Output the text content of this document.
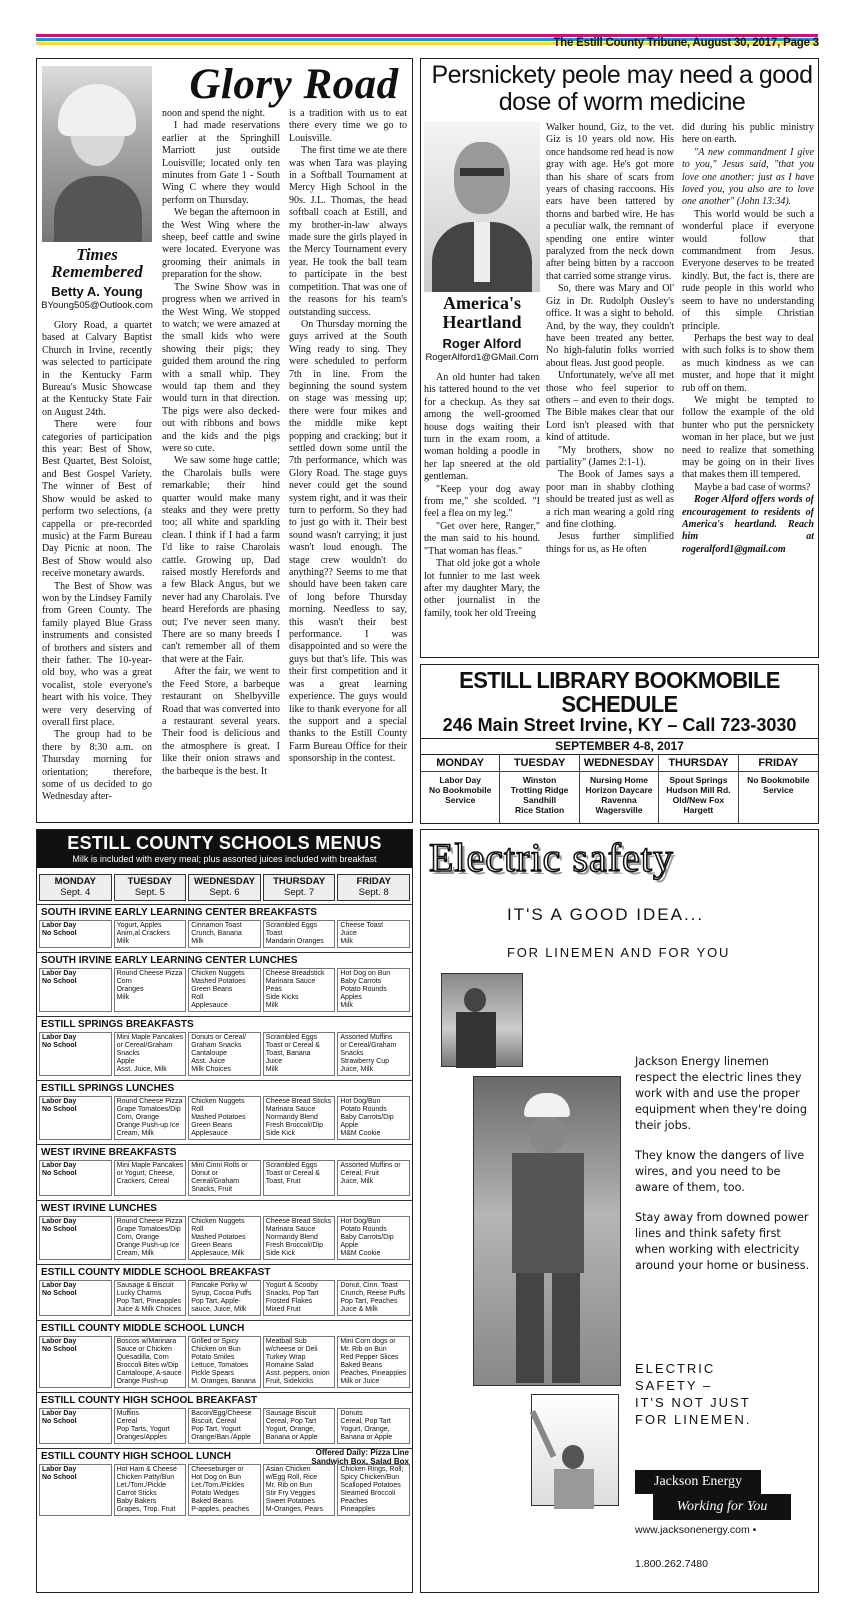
The Estill County Tribune, August 30, 2017, Page 3
Glory Road
Times Remembered
Betty A. Young
BYoung505@Outlook.com

Glory Road, a quartet based at Calvary Baptist Church in Irvine, recently was selected to participate in the Kentucky Farm Bureau's Music Showcase at the Kentucky State Fair on August 24th.

There were four categories of participation this year: Best of Show, Best Quartet, Best Soloist, and Best Gospel Variety. The winner of Best of Show would be asked to perform two selections, (a cappella or pre-recorded music) at the Farm Bureau Day Picnic at noon. The Best of Show would also receive monetary awards.

The Best of Show was won by the Lindsey Family from Green County. The family played Blue Grass instruments and consisted of brothers and sisters and their father. The 10-year-old boy, who was a great vocalist, stole everyone's heart with his voice. They were very deserving of overall first place.

The group had to be there by 8:30 a.m. on Thursday morning for orientation; therefore, some of us decided to go Wednesday after-

noon and spend the night.

I had made reservations earlier at the Springhill Marriott just outside Louisville; located only ten minutes from Gate 1 - South Wing C where they would perform on Thursday.

We began the afternoon in the West Wing where the sheep, beef cattle and swine were located. Everyone was grooming their animals in preparation for the show.

The Swine Show was in progress when we arrived in the West Wing. We stopped to watch; we were amazed at the small kids who were showing their pigs; they guided them around the ring with a small whip. They would tap them and they would turn in that direction. The pigs were also decked-out with ribbons and bows and the kids and the pigs were so cute.

We saw some huge cattle; the Charolais bulls were remarkable; their hind quarter would make many steaks and they were pretty too; all white and sparkling clean. I think if I had a farm I'd like to raise Charolais cattle. Growing up, Dad raised mostly Herefords and a few Black Angus, but we never had any Charolais. I've heard Herefords are phasing out; I've never seen many. There are so many breeds I can't remember all of them that were at the Fair.

After the fair, we went to the Feed Store, a barbeque restaurant on Shelbyville Road that was converted into a restaurant several years. Their food is delicious and the atmosphere is great. I like their onion straws and the barbeque is the best. It

is a tradition with us to eat there every time we go to Louisville.

The first time we ate there was when Tara was playing in a Softball Tournament at Mercy High School in the 90s. J.L. Thomas, the head softball coach at Estill, and my brother-in-law always made sure the girls played in the Mercy Tournament every year. He took the ball team to participate in the best competition. That was one of the reasons for his team's outstanding success.

On Thursday morning the guys arrived at the South Wing ready to sing. They were scheduled to perform 7th in line. From the beginning the sound system on stage was messing up; there were four mikes and the middle mike kept popping and cracking; but it settled down some until the 7th performance, which was Glory Road. The stage guys never could get the sound system right, and it was their turn to perform. So they had to just go with it. Their best sound wasn't carrying; it just wasn't loud enough. The stage crew wouldn't do anything?? Seems to me that should have been taken care of long before Thursday morning. Needless to say, this wasn't their best performance. I was disappointed and so were the guys but that's life. This was their first competition and it was a great learning experience. The guys would like to thank everyone for all the support and a special thanks to the Estill County Farm Bureau Office for their sponsorship in the contest.

Persnickety peole may need a good dose of worm medicine
America's Heartland
Roger Alford
RogerAlford1@GMail.Com

An old hunter had taken his tattered hound to the vet for a checkup. As they sat among the well-groomed house dogs waiting their turn in the exam room, a woman holding a poodle in her lap sneered at the old gentleman.

"Keep your dog away from me," she scolded. "I feel a flea on my leg."

"Get over here, Ranger," the man said to his hound. "That woman has fleas."

That old joke got a whole lot funnier to me last week after my daughter Mary, the other journalist in the family, took her old Treeing

Walker hound, Giz, to the vet. Giz is 10 years old now. His once handsome red head is now gray with age. He's got more than his share of scars from years of chasing raccoons. His ears have been tattered by thorns and barbed wire. He has a peculiar walk, the remnant of spending one entire winter paralyzed from the neck down after being bitten by a raccoon that carried some strange virus.

So, there was Mary and Ol' Giz in Dr. Rudolph Ousley's office. It was a sight to behold. And, by the way, they couldn't have been treated any better. No high-falutin folks worried about fleas. Just good people.

Unfortunately, we've all met those who feel superior to others – and even to their dogs. The Bible makes clear that our Lord isn't pleased with that kind of attitude.

"My brothers, show no partiality" (James 2:1-1).

The Book of James says a poor man in shabby clothing should be treated just as well as a rich man wearing a gold ring and fine clothing.

Jesus further simplified things for us, as He often

did during his public ministry here on earth.

"A new commandment I give to you," Jesus said, "that you love one another: just as I have loved you, you also are to love one another" (John 13:34).

This world would be such a wonderful place if everyone would follow that commandment from Jesus. Everyone deserves to be treated kindly. But, the fact is, there are rude people in this world who seem to have no understanding of this simple Christian principle.

Perhaps the best way to deal with such folks is to show them as much kindness as we can muster, and hope that it might rub off on them.

We might be tempted to follow the example of the old hunter who put the persnickety woman in her place, but we just need to realize that something may be going on in their lives that makes them ill tempered.

Maybe a bad case of worms?

Roger Alford offers words of encouragement to residents of America's heartland. Reach him at rogeralford1@gmail.com

ESTILL LIBRARY BOOKMOBILE SCHEDULE
246 Main Street Irvine, KY – Call 723-3030
SEPTEMBER 4-8, 2017
MONDAY
Labor Day
No Bookmobile
Service
TUESDAY
Winston
Trotting Ridge
Sandhill
Rice Station
WEDNESDAY
Nursing Home
Horizon Daycare
Ravenna
Wagersville
THURSDAY
Spout Springs
Hudson Mill Rd.
Old/New Fox
Hargett
FRIDAY
No Bookmobile
Service
ESTILL COUNTY SCHOOLS MENUS
Milk is included with every meal; plus assorted juices included with breakfast
MONDAY
Sept. 4
TUESDAY
Sept. 5
WEDNESDAY
Sept. 6
THURSDAY
Sept. 7
FRIDAY
Sept. 8
SOUTH IRVINE EARLY LEARNING CENTER BREAKFASTS
Labor Day
No School
Yogurt, Apples
Anim,al Crackers
Milk
Cinnamon Toast
Crunch, Banana
Milk
Scrambled Eggs
Toast
Mandarin Oranges
Cheese Toast
Juice
Milk
SOUTH IRVINE EARLY LEARNING CENTER LUNCHES
Labor Day
No School
Round Cheese Pizza
Corn
Oranges
Milk
Chicken Nuggets
Mashed Potatoes
Green Beans
Roll
Applesauce
Cheese Breadstick
Marinara Sauce
Peas
Side Kicks
Milk
Hot Dog on Bun
Baby Carrots
Potato Rounds
Apples
Milk
ESTILL SPRINGS BREAKFASTS
Labor Day
No School
Mini Maple Pancakes or Cereal/Graham Snacks
Apple
Asst. Juice, Milk
Donuts or Cereal/
Graham Snacks
Cantaloupe
Asst. Juice
Milk Choices
Scrambled Eggs
Toast or Cereal &
Toast, Banana
Juice
Milk
Assorted Muffins
or Cereal/Graham
Snacks
Strawberry Cup
Juice, Milk
ESTILL SPRINGS LUNCHES
Labor Day
No School
Round Cheese Pizza
Grape Tomatoes/Dip
Corn, Orange
Orange Push-up Ice
Cream, Milk
Chicken Nuggets
Roll
Mashed Potatoes
Green Beans
Applesauce
Cheese Bread Sticks
Marinara Sauce
Normandy Blend
Fresh Broccoli/Dip
Side Kick
Hot Dog/Bun
Potato Rounds
Baby Carrots/Dip
Apple
M&M Cookie
WEST IRVINE BREAKFASTS
Labor Day
No School
Mini Maple Pancakes
or Yogurt, Cheese,
Crackers, Cereal
Mini Cinni Rolls or
Donut or Cereal/Graham Snacks, Fruit
Scrambled Eggs
Toast or Cereal &
Toast, Fruit
Assorted Muffins or
Cereal, Fruit
Juice, Milk
WEST IRVINE LUNCHES
Labor Day
No School
Round Cheese Pizza
Grape Tomatoes/Dip
Corn, Orange
Orange Push-up Ice
Cream, Milk
Chicken Nuggets
Roll
Mashed Potatoes
Green Beans
Applesauce, Milk
Cheese Bread Sticks
Marinara Sauce
Normandy Blend
Fresh Broccoli/Dip
Side Kick
Hot Dog/Bun
Potato Rounds
Baby Carrots/Dip
Apple
M&M Cookie
ESTILL COUNTY MIDDLE SCHOOL BREAKFAST
Labor Day
No School
Sausage & Biscuit
Lucky Charms
Pop Tart, Pineapples
Juice & Milk Choices
Pancake Porky w/
Syrup, Cocoa Puffs
Pop Tart, Apple-
sauce, Juice, Milk
Yogurt & Scooby
Snacks, Pop Tart
Frosted Flakes
Mixed Fruit
Donut, Cinn. Toast
Crunch, Reese Puffs
Pop Tart, Peaches
Juice & Milk
ESTILL COUNTY MIDDLE SCHOOL LUNCH
Labor Day
No School
Boscos w/Marinara
Sauce or Chicken
Quesadilla, Corn
Broccoli Bites w/Dip
Cantaloupe, A-sauce
Orange Push-up
Grilled or Spicy
Chicken on Bun
Potato Smiles
Lettuce, Tomatoes
Pickle Spears
M. Oranges, Banana
Meatball Sub
w/cheese or Deli
Turkey Wrap
Romaine Salad
Asst. peppers, onion
Fruit, Sidekicks
Mini Corn dogs or
Mr. Rib on Bun
Red Pepper Slices
Baked Beans
Peaches, Pineapples
Milk or Juice
ESTILL COUNTY HIGH SCHOOL BREAKFAST
Labor Day
No School
Muffins
Cereal
Pop Tarts, Yogurt
Oranges/Apples
Bacon/Egg/Cheese
Biscuit, Cereal
Pop Tart, Yogurt
Orange/Ban./Apple
Sausage Biscuit
Cereal, Pop Tart
Yogurt, Orange,
Banana or Apple
Donuts
Cereal, Pop Tart
Yogurt, Orange,
Banana or Apple
ESTILL COUNTY HIGH SCHOOL LUNCH	Offered Daily: Pizza Line
Sandwich Box, Salad Box
Labor Day
No School
Hot Ham & Cheese
Chicken Patty/Bun
Let./Tom./Pickle
Carrot Sticks
Baby Bakers
Grapes, Trop. Fruit
Cheeseburger or
Hot Dog on Bun
Let./Tom./Pickles
Potato Wedges
Baked Beans
P-apples, peaches
Asian Chicken
w/Egg Roll, Rice
Mr. Rib on Bun
Stir Fry Veggies
Sweet Potatoes
M-Oranges, Pears
Chicken Rings, Roll;
Spicy Chicken/Bun
Scalloped Potatoes
Steamed Broccoli
Peaches
Pineapples
Electric safety
IT'S A GOOD IDEA...
FOR LINEMEN AND FOR YOU

Jackson Energy linemen respect the electric lines they work with and use the proper equipment when they're doing their jobs.

They know the dangers of live wires, and you need to be aware of them, too.

Stay away from downed power lines and think safety first when working with electricity around your home or business.

ELECTRIC
SAFETY –
IT'S NOT JUST
FOR LINEMEN.
Jackson Energy
Working for You
www.jacksonenergy.com •
1.800.262.7480
